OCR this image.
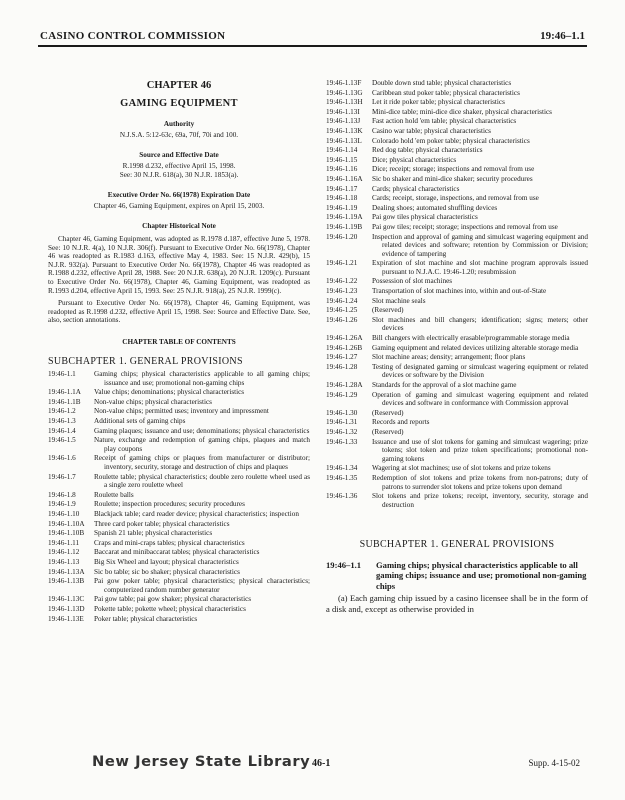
CASINO CONTROL COMMISSION	19:46–1.1
CHAPTER 46
GAMING EQUIPMENT
Authority
N.J.S.A. 5:12-63c, 69a, 70f, 70i and 100.
Source and Effective Date
R.1998 d.232, effective April 15, 1998.
See: 30 N.J.R. 618(a), 30 N.J.R. 1853(a).
Executive Order No. 66(1978) Expiration Date
Chapter 46, Gaming Equipment, expires on April 15, 2003.
Chapter Historical Note
Chapter 46, Gaming Equipment, was adopted as R.1978 d.187, effective June 5, 1978. See: 10 N.J.R. 4(a), 10 N.J.R. 306(f). Pursuant to Executive Order No. 66(1978), Chapter 46 was readopted as R.1983 d.163, effective May 4, 1983. See: 15 N.J.R. 429(b), 15 N.J.R. 932(a). Pursuant to Executive Order No. 66(1978), Chapter 46 was readopted as R.1988 d.232, effective April 28, 1988. See: 20 N.J.R. 638(a), 20 N.J.R. 1209(c). Pursuant to Executive Order No. 66(1978), Chapter 46, Gaming Equipment, was readopted as R.1993 d.204, effective April 15, 1993. See: 25 N.J.R. 918(a), 25 N.J.R. 1999(c).
Pursuant to Executive Order No. 66(1978), Chapter 46, Gaming Equipment, was readopted as R.1998 d.232, effective April 15, 1998. See: Source and Effective Date. See, also, section annotations.
CHAPTER TABLE OF CONTENTS
SUBCHAPTER 1. GENERAL PROVISIONS
19:46-1.1	Gaming chips; physical characteristics applicable to all gaming chips; issuance and use; promotional non-gaming chips
19:46-1.1A	Value chips; denominations; physical characteristics
19:46-1.1B	Non-value chips; physical characteristics
19:46-1.2	Non-value chips; permitted uses; inventory and impressment
19:46-1.3	Additional sets of gaming chips
19:46-1.4	Gaming plaques; issuance and use; denominations; physical characteristics
19:46-1.5	Nature, exchange and redemption of gaming chips, plaques and match play coupons
19:46-1.6	Receipt of gaming chips or plaques from manufacturer or distributor; inventory, security, storage and destruction of chips and plaques
19:46-1.7	Roulette table; physical characteristics; double zero roulette wheel used as a single zero roulette wheel
19:46-1.8	Roulette balls
19:46-1.9	Roulette; inspection procedures; security procedures
19:46-1.10	Blackjack table; card reader device; physical characteristics; inspection
19:46-1.10A	Three card poker table; physical characteristics
19:46-1.10B	Spanish 21 table; physical characteristics
19:46-1.11	Craps and mini-craps tables; physical characteristics
19:46-1.12	Baccarat and minibaccarat tables; physical characteristics
19:46-1.13	Big Six Wheel and layout; physical characteristics
19:46-1.13A	Sic bo table; sic bo shaker; physical characteristics
19:46-1.13B	Pai gow poker table; physical characteristics; physical characteristics; computerized random number generator
19:46-1.13C	Pai gow table; pai gow shaker; physical characteristics
19:46-1.13D	Pokette table; pokette wheel; physical characteristics
19:46-1.13E	Poker table; physical characteristics
19:46-1.13F	Double down stud table; physical characteristics
19:46-1.13G	Caribbean stud poker table; physical characteristics
19:46-1.13H	Let it ride poker table; physical characteristics
19:46-1.13I	Mini-dice table; mini-dice dice shaker, physical characteristics
19:46-1.13J	Fast action hold 'em table; physical characteristics
19:46-1.13K	Casino war table; physical characteristics
19:46-1.13L	Colorado hold 'em poker table; physical characteristics
19:46-1.14	Red dog table; physical characteristics
19:46-1.15	Dice; physical characteristics
19:46-1.16	Dice; receipt; storage; inspections and removal from use
19:46-1.16A	Sic bo shaker and mini-dice shaker; security procedures
19:46-1.17	Cards; physical characteristics
19:46-1.18	Cards; receipt, storage, inspections, and removal from use
19:46-1.19	Dealing shoes; automated shuffling devices
19:46-1.19A	Pai gow tiles physical characteristics
19:46-1.19B	Pai gow tiles; receipt; storage; inspections and removal from use
19:46-1.20	Inspection and approval of gaming and simulcast wagering equipment and related devices and software; retention by Commission or Division; evidence of tampering
19:46-1.21	Expiration of slot machine and slot machine program approvals issued pursuant to N.J.A.C. 19:46-1.20; resubmission
19:46-1.22	Possession of slot machines
19:46-1.23	Transportation of slot machines into, within and out-of-State
19:46-1.24	Slot machine seals
19:46-1.25	(Reserved)
19:46-1.26	Slot machines and bill changers; identification; signs; meters; other devices
19:46-1.26A	Bill changers with electrically erasable/programmable storage media
19:46-1.26B	Gaming equipment and related devices utilizing alterable storage media
19:46-1.27	Slot machine areas; density; arrangement; floor plans
19:46-1.28	Testing of designated gaming or simulcast wagering equipment or related devices or software by the Division
19:46-1.28A	Standards for the approval of a slot machine game
19:46-1.29	Operation of gaming and simulcast wagering equipment and related devices and software in conformance with Commission approval
19:46-1.30	(Reserved)
19:46-1.31	Records and reports
19:46-1.32	(Reserved)
19:46-1.33	Issuance and use of slot tokens for gaming and simulcast wagering; prize tokens; slot token and prize token specifications; promotional non-gaming tokens
19:46-1.34	Wagering at slot machines; use of slot tokens and prize tokens
19:46-1.35	Redemption of slot tokens and prize tokens from non-patrons; duty of patrons to surrender slot tokens and prize tokens upon demand
19:46-1.36	Slot tokens and prize tokens; receipt, inventory, security, storage and destruction
SUBCHAPTER 1. GENERAL PROVISIONS
19:46–1.1	Gaming chips; physical characteristics applicable to all gaming chips; issuance and use; promotional non-gaming chips
(a) Each gaming chip issued by a casino licensee shall be in the form of a disk and, except as otherwise provided in
New Jersey State Library 46-1	Supp. 4-15-02
